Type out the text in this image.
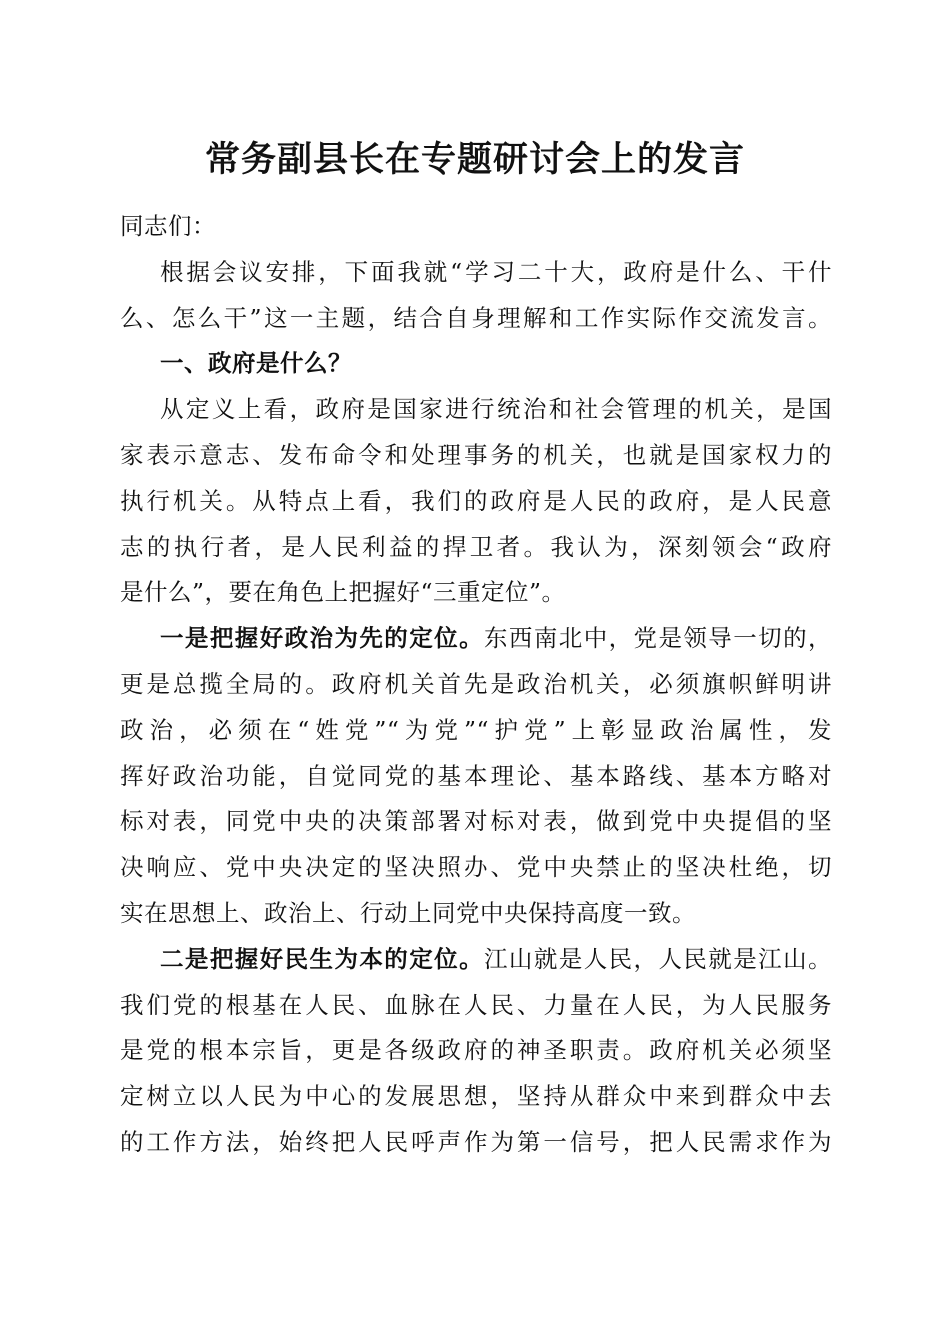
常务副县长在专题研讨会上的发言
同志们：
根据会议安排，下面我就“学习二十大，政府是什么、干什
么、怎么干”这一主题，结合自身理解和工作实际作交流发言。
一、政府是什么？
从定义上看，政府是国家进行统治和社会管理的机关，是国
家表示意志、发布命令和处理事务的机关，也就是国家权力的
执行机关。从特点上看，我们的政府是人民的政府，是人民意
志的执行者，是人民利益的捍卫者。我认为，深刻领会“政府
是什么”，要在角色上把握好“三重定位”。
一是把握好政治为先的定位。东西南北中，党是领导一切的，
更是总揽全局的。政府机关首先是政治机关，必须旗帜鲜明讲
政治，必须在“姓党”“为党”“护党”上彰显政治属性，发
挥好政治功能，自觉同党的基本理论、基本路线、基本方略对
标对表，同党中央的决策部署对标对表，做到党中央提倡的坚
决响应、党中央决定的坚决照办、党中央禁止的坚决杜绝，切
实在思想上、政治上、行动上同党中央保持高度一致。
二是把握好民生为本的定位。江山就是人民，人民就是江山。
我们党的根基在人民、血脉在人民、力量在人民，为人民服务
是党的根本宗旨，更是各级政府的神圣职责。政府机关必须坚
定树立以人民为中心的发展思想，坚持从群众中来到群众中去
的工作方法，始终把人民呼声作为第一信号，把人民需求作为
